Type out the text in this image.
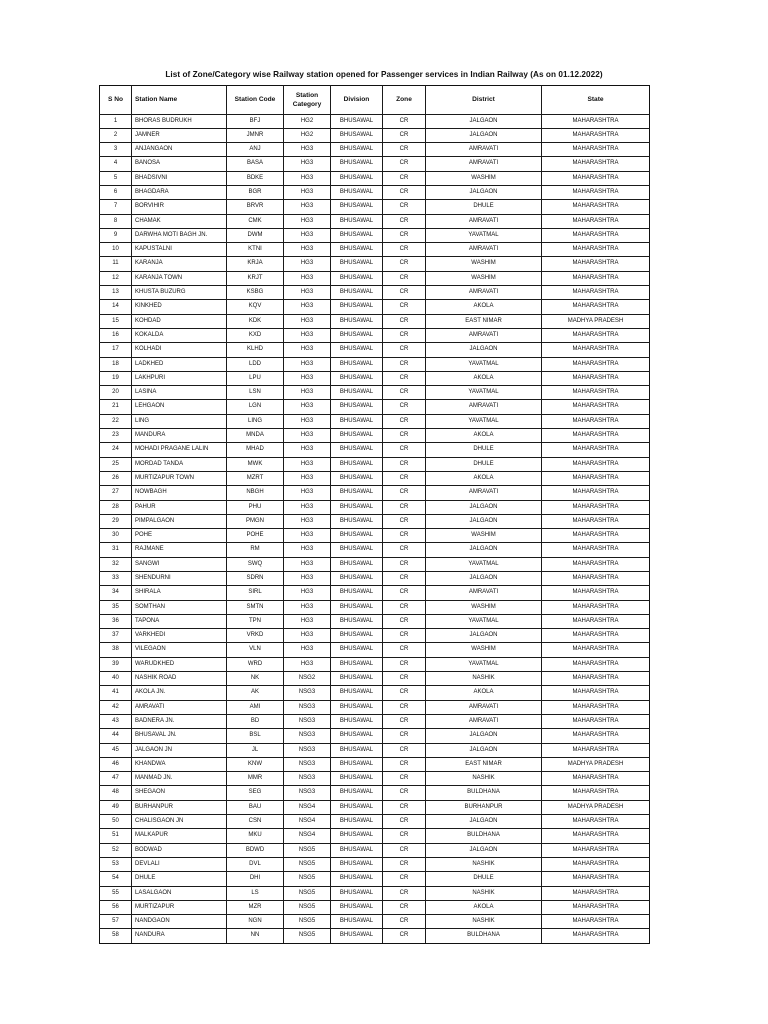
List of Zone/Category wise Railway station opened for Passenger services in Indian Railway (As on 01.12.2022)
S No	Station Name	Station Code	Station Category	Division	Zone	District	State
1	BHORAS BUDRUKH	BFJ	HG2	BHUSAWAL	CR	JALGAON	MAHARASHTRA
2	JAMNER	JMNR	HG2	BHUSAWAL	CR	JALGAON	MAHARASHTRA
3	ANJANGAON	ANJ	HG3	BHUSAWAL	CR	AMRAVATI	MAHARASHTRA
4	BANOSA	BASA	HG3	BHUSAWAL	CR	AMRAVATI	MAHARASHTRA
5	BHADSIVNI	BDKE	HG3	BHUSAWAL	CR	WASHIM	MAHARASHTRA
6	BHAGDARA	BGR	HG3	BHUSAWAL	CR	JALGAON	MAHARASHTRA
7	BORVIHIR	BRVR	HG3	BHUSAWAL	CR	DHULE	MAHARASHTRA
8	CHAMAK	CMK	HG3	BHUSAWAL	CR	AMRAVATI	MAHARASHTRA
9	DARWHA MOTI BAGH JN.	DWM	HG3	BHUSAWAL	CR	YAVATMAL	MAHARASHTRA
10	KAPUSTALNI	KTNI	HG3	BHUSAWAL	CR	AMRAVATI	MAHARASHTRA
11	KARANJA	KRJA	HG3	BHUSAWAL	CR	WASHIM	MAHARASHTRA
12	KARANJA TOWN	KRJT	HG3	BHUSAWAL	CR	WASHIM	MAHARASHTRA
13	KHUSTA BUZURG	KSBG	HG3	BHUSAWAL	CR	AMRAVATI	MAHARASHTRA
14	KINKHED	KQV	HG3	BHUSAWAL	CR	AKOLA	MAHARASHTRA
15	KOHDAD	KDK	HG3	BHUSAWAL	CR	EAST NIMAR	MADHYA PRADESH
16	KOKALDA	KXD	HG3	BHUSAWAL	CR	AMRAVATI	MAHARASHTRA
17	KOLHADI	KLHD	HG3	BHUSAWAL	CR	JALGAON	MAHARASHTRA
18	LADKHED	LDD	HG3	BHUSAWAL	CR	YAVATMAL	MAHARASHTRA
19	LAKHPURI	LPU	HG3	BHUSAWAL	CR	AKOLA	MAHARASHTRA
20	LASINA	LSN	HG3	BHUSAWAL	CR	YAVATMAL	MAHARASHTRA
21	LEHGAON	LGN	HG3	BHUSAWAL	CR	AMRAVATI	MAHARASHTRA
22	LING	LING	HG3	BHUSAWAL	CR	YAVATMAL	MAHARASHTRA
23	MANDURA	MNDA	HG3	BHUSAWAL	CR	AKOLA	MAHARASHTRA
24	MOHADI PRAGANE LALIN	MHAD	HG3	BHUSAWAL	CR	DHULE	MAHARASHTRA
25	MORDAD TANDA	MWK	HG3	BHUSAWAL	CR	DHULE	MAHARASHTRA
26	MURTIZAPUR TOWN	MZRT	HG3	BHUSAWAL	CR	AKOLA	MAHARASHTRA
27	NOWBAGH	NBGH	HG3	BHUSAWAL	CR	AMRAVATI	MAHARASHTRA
28	PAHUR	PHU	HG3	BHUSAWAL	CR	JALGAON	MAHARASHTRA
29	PIMPALGAON	PMGN	HG3	BHUSAWAL	CR	JALGAON	MAHARASHTRA
30	POHE	POHE	HG3	BHUSAWAL	CR	WASHIM	MAHARASHTRA
31	RAJMANE	RM	HG3	BHUSAWAL	CR	JALGAON	MAHARASHTRA
32	SANGWI	SWQ	HG3	BHUSAWAL	CR	YAVATMAL	MAHARASHTRA
33	SHENDURNI	SDRN	HG3	BHUSAWAL	CR	JALGAON	MAHARASHTRA
34	SHIRALA	SIRL	HG3	BHUSAWAL	CR	AMRAVATI	MAHARASHTRA
35	SOMTHAN	SMTN	HG3	BHUSAWAL	CR	WASHIM	MAHARASHTRA
36	TAPONA	TPN	HG3	BHUSAWAL	CR	YAVATMAL	MAHARASHTRA
37	VARKHEDI	VRKD	HG3	BHUSAWAL	CR	JALGAON	MAHARASHTRA
38	VILEGAON	VLN	HG3	BHUSAWAL	CR	WASHIM	MAHARASHTRA
39	WARUDKHED	WRD	HG3	BHUSAWAL	CR	YAVATMAL	MAHARASHTRA
40	NASHIK ROAD	NK	NSG2	BHUSAWAL	CR	NASHIK	MAHARASHTRA
41	AKOLA JN.	AK	NSG3	BHUSAWAL	CR	AKOLA	MAHARASHTRA
42	AMRAVATI	AMI	NSG3	BHUSAWAL	CR	AMRAVATI	MAHARASHTRA
43	BADNERA JN.	BD	NSG3	BHUSAWAL	CR	AMRAVATI	MAHARASHTRA
44	BHUSAVAL JN.	BSL	NSG3	BHUSAWAL	CR	JALGAON	MAHARASHTRA
45	JALGAON JN	JL	NSG3	BHUSAWAL	CR	JALGAON	MAHARASHTRA
46	KHANDWA	KNW	NSG3	BHUSAWAL	CR	EAST NIMAR	MADHYA PRADESH
47	MANMAD JN.	MMR	NSG3	BHUSAWAL	CR	NASHIK	MAHARASHTRA
48	SHEGAON	SEG	NSG3	BHUSAWAL	CR	BULDHANA	MAHARASHTRA
49	BURHANPUR	BAU	NSG4	BHUSAWAL	CR	BURHANPUR	MADHYA PRADESH
50	CHALISGAON JN	CSN	NSG4	BHUSAWAL	CR	JALGAON	MAHARASHTRA
51	MALKAPUR	MKU	NSG4	BHUSAWAL	CR	BULDHANA	MAHARASHTRA
52	BODWAD	BDWD	NSG5	BHUSAWAL	CR	JALGAON	MAHARASHTRA
53	DEVLALI	DVL	NSG5	BHUSAWAL	CR	NASHIK	MAHARASHTRA
54	DHULE	DHI	NSG5	BHUSAWAL	CR	DHULE	MAHARASHTRA
55	LASALGAON	LS	NSG5	BHUSAWAL	CR	NASHIK	MAHARASHTRA
56	MURTIZAPUR	MZR	NSG5	BHUSAWAL	CR	AKOLA	MAHARASHTRA
57	NANDGAON	NGN	NSG5	BHUSAWAL	CR	NASHIK	MAHARASHTRA
58	NANDURA	NN	NSG5	BHUSAWAL	CR	BULDHANA	MAHARASHTRA
